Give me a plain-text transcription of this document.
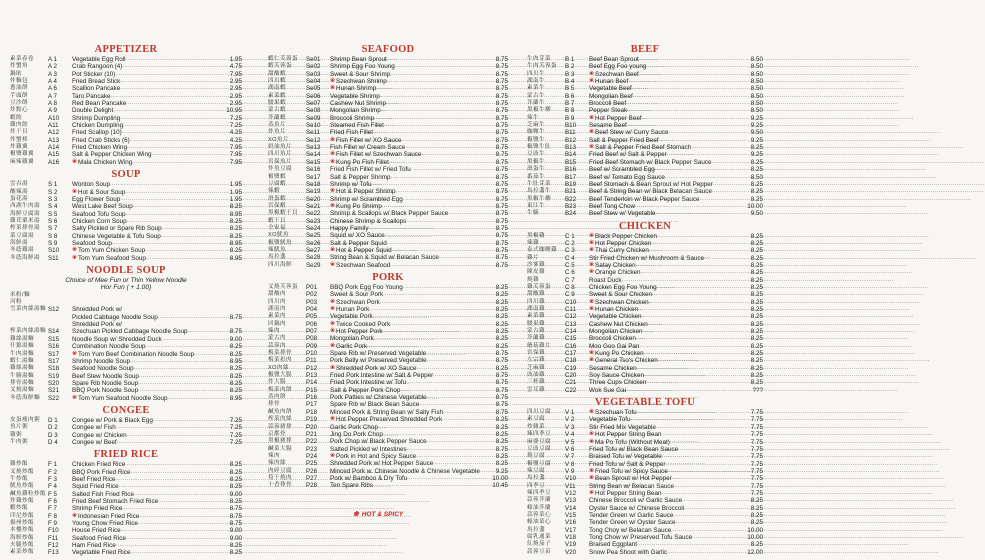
APPETIZER
素菜春卷	A 1	Vegetable Egg Roll .....	1.95
炸蟹角	A 2	Crab Rangoon (4) .....	4.75
鍋貼	A 3	Pot Sticker (10) .....	7.95
炸麵包	A 4	Fried Bread Stick .....	2.95
蔥油餅	A 6	Scallion Pancake .....	2.95
芋頭餅	A 7	Taro Pancake .....	2.95
豆沙餅	A 8	Red Bean Pancake .....	2.95
炸點心	A 9	Double Delight .....	10.95
蝦餃	A10	Shrimp Dumpling .....	7.25
雞肉餃	A11	Chicken Dumpling .....	7.25
炸干貝	A12	Fried Scallop (10) .....	4.25
炸蟹棒	A13	Fried Crab Sticks (6) .....	4.25
炸雞翼	A14	Fried Chicken Wing .....	7.95
椒鹽雞翼	A15	Salt & Pepper Chicken Wing .....	7.95
麻辣雞翼	A16	❀ Mala Chicken Wing .....	7.95
SOUP
雲吞湯	S 1	Wonton Soup .....	1.95
酸辣湯	S 2	❀ Hot & Sour Soup .....	1.95
蛋花湯	S 3	Egg Flower Soup .....	1.95
西湖牛肉湯	S 4	West Lake Beef Soup .....	8.25
海鮮豆腐湯	S 5	Seafood Tofu Soup .....	8.95
雞茸粟米湯	S 6	Chicken Corn Soup .....	8.25
榨菜排骨湯	S 7	Salty Pickled or Spare Rib Soup .....	8.25
菜豆腐湯	S 8	Chinese Vegetable & Tofu Soup .....	8.25
海鮮湯	S 9	Seafood Soup .....	8.95
冬蔭雞湯	S10	❀ Tom Yum Chicken Soup .....	8.25
冬蔭海鮮湯	S11	❀ Tom Yum Seafood Soup .....	8.95
NOODLE SOUP
Choice of Mee Fun or Thin Yellow Noodle
Hor Fun ( + 1.00)
米粉/麵
河粉
雪菜肉絲湯麵 S12	Shredded Pork w/
Pickled Cabbage Noodle Soup .....	8.75
Shredded Pork w/
榨菜肉絲湯麵 S14	Szechuan Pickled Cabbage Noodle Soup .....	8.75
雞絲湯麵	S15	Noodle Soup w/ Shredded Duck .....	9.00
什錦湯麵	S16	Combination Noodle Soup .....	8.25
牛肉湯麵	S17	❀ Tom Yum Beef Combination Noodle Soup .....	8.25
蝦仁湯麵	S17	Shrimp Noodle Soup .....	8.95
雞絲湯麵	S18	Seafood Noodle Soup .....	8.25
牛腩湯麵	S19	Beef Stew Noodle Soup .....	8.25
排骨湯麵	S20	Spare Rib Noodle Soup .....	8.25
叉燒湯麵	S21	BBQ Pork Noodle Soup .....	8.25
冬蔭海鮮麵	S22	❀ Tom Yum Seafood Noodle Soup .....	8.95
CONGEE
皮蛋瘦肉粥	D 1	Congee w/ Pork & Black Egg .....	7.25
魚片粥	D 2	Congee w/ Fish .....	7.25
雞粥	D 3	Congee w/ Chicken .....	7.25
牛肉粥	D 4	Congee w/ Beef .....	7.25
FRIED RICE
雞炒飯	F 1	Chicken Fried Rice .....	8.25
叉燒炒飯	F 2	BBQ Pork Fried Rice .....	8.25
牛炒飯	F 3	Beef Fried Rice .....	8.25
魷魚炒飯	F 4	Squid Fried Rice .....	8.25
鹹魚雞粒炒飯 F 5	Salted Fish Fried Rice .....	9.00
炸雞炒飯	F 6	Fried Beef Stomach Fried Rice .....	8.25
蝦炒飯	F 7	Shrimp Fried Rice .....	8.75
印尼炒飯	F 8	❀ Indonesian Fried Rice .....	8.75
揚州炒飯	F 9	Young Chow Fried Rice .....	8.75
本樓炒飯	F10	House Fried Rice .....	9.00
海鮮炒飯	F11	Seafood Fried Rice .....	9.00
火腿炒飯	F12	Ham Fried Rice .....	8.25
素菜炒飯	F13	Vegetable Fried Rice .....	8.25
SEAFOOD
蝦仁芙蓉蛋	Se01	Shrimp Bean Sprout .....	8.75
蝦芙蓉蛋	Se02	Shrimp Egg Foo Young .....	8.75
甜酸蝦	Se03	Sweet & Sour Shrimp .....	8.75
四川蝦	Se04	❀ Szechwan Shrimp .....	8.75
湖南蝦	Se05	❀ Hunan Shrimp .....	8.75
素菜蝦	Se06	Vegetable Shrimp .....	8.75
腰果蝦	Se07	Cashew Nut Shrimp .....	8.75
蒙古蝦	Se08	Mongolian Shrimp .....	8.75
芥蘭蝦	Se09	Broccoli Shrimp .....	8.75
蒸魚片	Se10	Steamed Fish Fillet .....	8.75
炸魚片	Se11	Fried Fish Fillet .....	8.75
XO魚片	Se12	❀ Fish Fillet w/ XO Sauce .....	8.75
奶油魚片	Se13	Fish Fillet w/ Cream Sauce .....	8.75
四川魚片	Se14	❀ Fish Fillet w/ Szechwan Sauce .....	8.75
宮保魚片	Se15	❀ Kung Po Fish Fillet .....	8.75
炸魚豆腐	Se16	Fried Fish Fillet w/ Fried Tofu .....	8.75
椒鹽蝦	Se17	Salt & Pepper Shrimp .....	8.75
豆腐蝦	Se18	Shrimp w/ Tofu .....	8.75
辣蝦	Se19	❀ Hot & Pepper Shrimp .....	8.75
滑蛋蝦	Se20	Shrimp w/ Scrambled Egg .....	8.75
宮保蝦	Se21	❀ Kung Po Shrimp .....	8.75
黑椒蝦干貝	Se22	Shrimp & Scallops w/ Black Pepper Sauce .....	8.75
蝦干貝	Se23	Chinese Shrimp & Scallops .....	8.75
全家福	Se24	Happy Family .....	8.75
XO魷魚	Se25	Squid w/ XO Sauce .....	8.75
椒鹽魷魚	Se26	Salt & Pepper Squid .....	8.75
辣魷魚	Se27	❀ Hot & Pepper Squid .....	8.75
馬拉盞	Se28	String Bean & Squid w/ Belacan Sauce .....	8.75
四川海鮮	Se29	❀ Szechwan Seafood .....	8.75
PORK
叉燒芙蓉蛋	P01	BBQ Pork Egg Foo Young .....	8.25
甜酸肉	P02	Sweet & Sour Pork .....	8.25
四川肉	P03	❀ Szechwan Pork .....	8.25
湖南肉	P04	❀ Hunan Pork .....	8.25
素菜肉	P05	Vegetable Pork .....	8.25
回鍋肉	P06	❀ Twice Cooked Pork .....	8.25
辣肉	P07	❀ Hot Pepper Pork .....	8.25
蒙古肉	P08	Mongolian Pork .....	8.25
蒜蓉肉	P09	❀ Garlic Pork .....	8.25
梅菜排骨	P10	Spare Rib w/ Preserved Vegetable .....	8.75
梅菜扣肉	P11	Pork Belly w/ Preserved Vegetable .....	8.75
XO肉絲	P12	❀ Shredded Pork w/ XO Sauce .....	8.25
椒鹽大腸	P13	Fried Pork Intestine w/ Salt & Pepper .....	8.75
炸大腸	P14	Fried Pork Intestine w/ Tofu .....	8.75
梅菜肉餅	P15	Salt & Pepper Pork Chop .....	8.75
蒸肉餅	P16	Pork Patties w/ Chinese Vegetable .....	8.75
排骨	P17	Spare Rib w/ Black Bean Sauce .....	8.75
鹹魚肉餅	P18	Minced Pork & String Bean w/ Salty Fish .....	8.75
榨菜肉絲	P19	❀ Hot Pepper Preserved Shredded Pork .....	8.25
蒜蓉豬排	P20	Garlic Pork Chop .....	8.25
京都骨	P21	Jing Do Pork Chop .....	8.25
黑椒豬排	P22	Pork Chop w/ Black Pepper Sauce .....	8.25
鹹菜大腸	P23	Salted Pickled w/ Intestines .....	8.75
辣肉	P24	❀ Pork in Hot and Spicy Sauce .....	8.25
辣肉絲	P25	Shredded Pork w/ Hot Pepper Sauce .....	8.25
肉碎豆腐	P26	Minced Pork w. Chinese Noodle & Chinese Vegetable .....	9.25
筍干燒肉	P27	Pork w/ Bamboo & Dry Tofu .....	10.00
十香排骨	P28	Ten Spare Ribs .....	10.45
BEEF
牛肉芽菜	B 1	Beef Bean Sprout .....	8.50
牛肉芙蓉蛋	B 2	Beef Egg Foo young .....	8.50
四川牛	B 3	❀ Szechwan Beef .....	8.50
湖南牛	B 4	❀ Hunan Beef .....	8.50
素菜牛	B 5	Vegetable Beef .....	8.50
蒙古牛	B 6	Mongolian Beef .....	8.50
芥蘭牛	B 7	Broccoli Beef .....	8.50
黑椒牛柳	B 8	Pepper Steak .....	8.50
辣牛	B 9	❀ Hot Pepper Beef .....	9.25
芝麻牛	B10	Sesame Beef .....	9.25
咖喱牛	B11	❀ Beef Stew w/ Curry Sauce .....	9.50
椒鹽牛	B12	Salt & Pepper Fried Beef .....	9.25
椒鹽牛肚	B13	❀ Salt & Pepper Fried Beef Stomach .....	8.25
豆豉牛	B14	Fried Beef w/ Salt & Pepper .....	9.25
黑椒牛	B15	Fried Beef Stomach w/ Black Pepper Sauce .....	8.25
滑蛋牛	B16	Beef w/ Scrambled Egg .....	8.25
番茄牛	B17	Beef w/ Tomato Egg Sauce .....	8.50
牛肚芽菜	B19	Beef Stomach & Bean Sprout w/ Hot Pepper .....	8.25
馬拉盞牛	B21	Beef & String Bean w/ Black Belacan Sauce .....	8.25
黑椒牛柳	B22	Beef Tenderloin w/ Black Pepper Sauce .....	8.25
東江牛	B23	Beef Tong Chow .....	10.00
牛腩	B24	Beef Stew w/ Vegetable .....	9.50
CHICKEN
黑椒雞	C 1	❀ Black Pepper Chicken .....	8.25
辣雞	C 2	❀ Hot Pepper Chicken .....	8.25
泰式咖喱雞	C 3	❀ Thai Curry Chicken .....	8.25
雞片	C 4	Stir Fried Chicken w/ Mushroom & Sauce .....	8.25
沙爹雞	C 5	❀ Satay Chicken .....	8.25
陳皮雞	C 6	❀ Orange Chicken .....	8.25
燒雞	C 7	Roast Duck .....	8.25
雞芙蓉蛋	C 8	Chicken Egg Foo Young .....	8.25
甜酸雞	C 9	Sweet & Sour Chicken .....	8.25
四川雞	C10	❀ Szechwan Chicken .....	8.25
湖南雞	C11	❀ Hunan Chicken .....	8.25
素菜雞	C12	Vegetable Chicken .....	8.25
腰果雞	C13	Cashew Nut Chicken .....	8.25
蒙古雞	C14	Mongolian Chicken .....	8.25
芥蘭雞	C15	Broccoli Chicken .....	8.25
蘑菇雞片	C16	Moo Goo Gai Pan .....	8.25
宮保雞	C17	❀ Kung Po Chicken .....	8.25
左宗雞	C18	❀ General Tso's Chicken .....	8.25
芝麻雞	C19	Sesame Chicken .....	8.25
豉油雞	C20	Soy Sauce Chicken .....	8.25
三杯雞	C21	Three Cups Chicken .....	8.25
雲耳雞	C22	Wok Sue Gai .....	???
VEGETABLE TOFU
四川豆腐	V 1	❀ Szechuan Tofu .....	7.75
素豆腐	V 2	Vegetable Tofu .....	7.75
炒雜菜	V 3	Stir Fried Mix Vegetable .....	7.75
辣四季豆	V 4	❀ Hot Pepper String Bean .....	7.75
麻婆豆腐	V 5	❀ Ma Po Tofu (Without Meat) .....	7.75
豆豉豆腐	V 6	Fried Tofu w/ Black Bean Sauce .....	7.75
燒豆腐	V 7	Braised Tofu w/ Vegetable .....	7.75
椒鹽豆腐	V 8	Fried Tofu w/ Salt & Pepper .....	7.75
辣豆腐	V 9	❀ Fried Tofu w/ Spicy Sauce .....	7.75
馬拉盞	V10	❀ Bean Sprout w/ Hot Pepper .....	7.75
四季豆	V11	String Bean w/ Belacan Sauce .....	7.75
辣四季豆	V12	❀ Hot Pepper String Bean .....	7.75
蒜蓉芥蘭	V13	Chinese Broccoli w/ Garlic Sauce .....	8.25
蠔油芥蘭	V14	Oyster Sauce w/ Chinese Broccoli .....	8.25
蒜蓉菜心	V15	Tender Green w/ Garlic Sauce .....	8.25
蠔油菜心	V16	Tender Green w/ Oyster Sauce .....	8.25
馬拉盞	V17	Tong Choy w/ Belacan Sauce .....	10.00
腐乳通菜	V18	Tong Chow w/ Preserved Tofu Sauce .....	10.00
紅燒茄子	V19	Braised Eggplant .....	8.25
蒜蓉豆苗	V20	Snow Pea Shoot with Garlic .....	12.00
❀ HOT & SPICY
